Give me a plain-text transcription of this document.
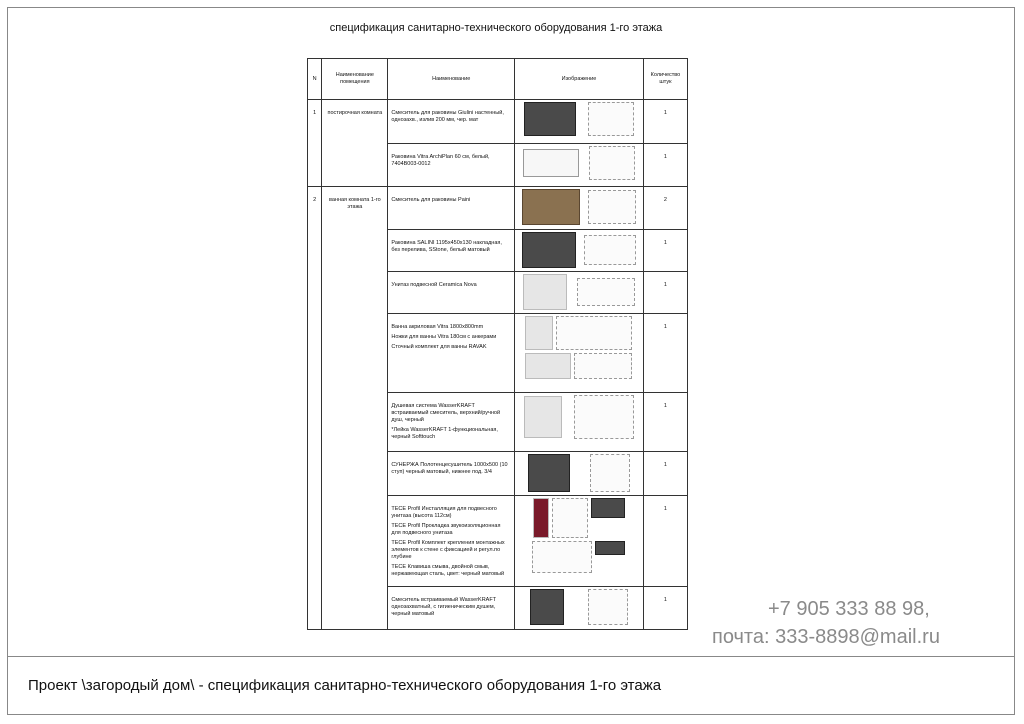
спецификация санитарно-технического оборудования 1-го этажа
N	Наименование помещения	Наименование	Изображение	Количество штук
1	постирочная комната	Смеситель для раковины Giulini настенный, однозахв., излив 200 мм, чер. мат		1

		Раковина Vitra ArchiPlan 60 см, белый, 7404B003-0012		1
2	ванная комната 1-го этажа	Смеситель для раковины Paini		2

		Раковина SALINI 1195x450x130 накладная, без перелива, SStone, белый матовый		1

		Унитаз подвесной Ceramica Nova		1

		Ванна акриловая Vitra 1800x800mm

Ножки для ванны Vitra 180см с анкерами

Сточный комплект для ванны RAVAK		1

		Душевая система WasserKRAFT встраиваемый смеситель, верхний/ручной душ, черный

*Лейка WasserKRAFT 1-функциональная, черный Softtouch		1

		СУНЕРЖА Полотенцесушитель 1000x500 (10 ступ) черный матовый, нижнее под. 3/4		1

		TECE Profil Инсталляция для подвесного унитаза (высота 112см)

TECE Profil Прокладка звукоизоляционная для подвесного унитаза

TECE Profil Комплект крепления монтажных элементов к стене с фиксацией и регул.по глубине

TECE Клавиша смыва, двойной смыв, нержавеющая сталь, цвет: черный матовый		1

		Смеситель встраиваемый WasserKRAFT однозахватный, с гигиеническим душем, черный матовый		1	+7 905 333 88 98,
почта: 333-8898@mail.ru
Проект \загородый дом\ - спецификация санитарно-технического оборудования 1-го этажа
